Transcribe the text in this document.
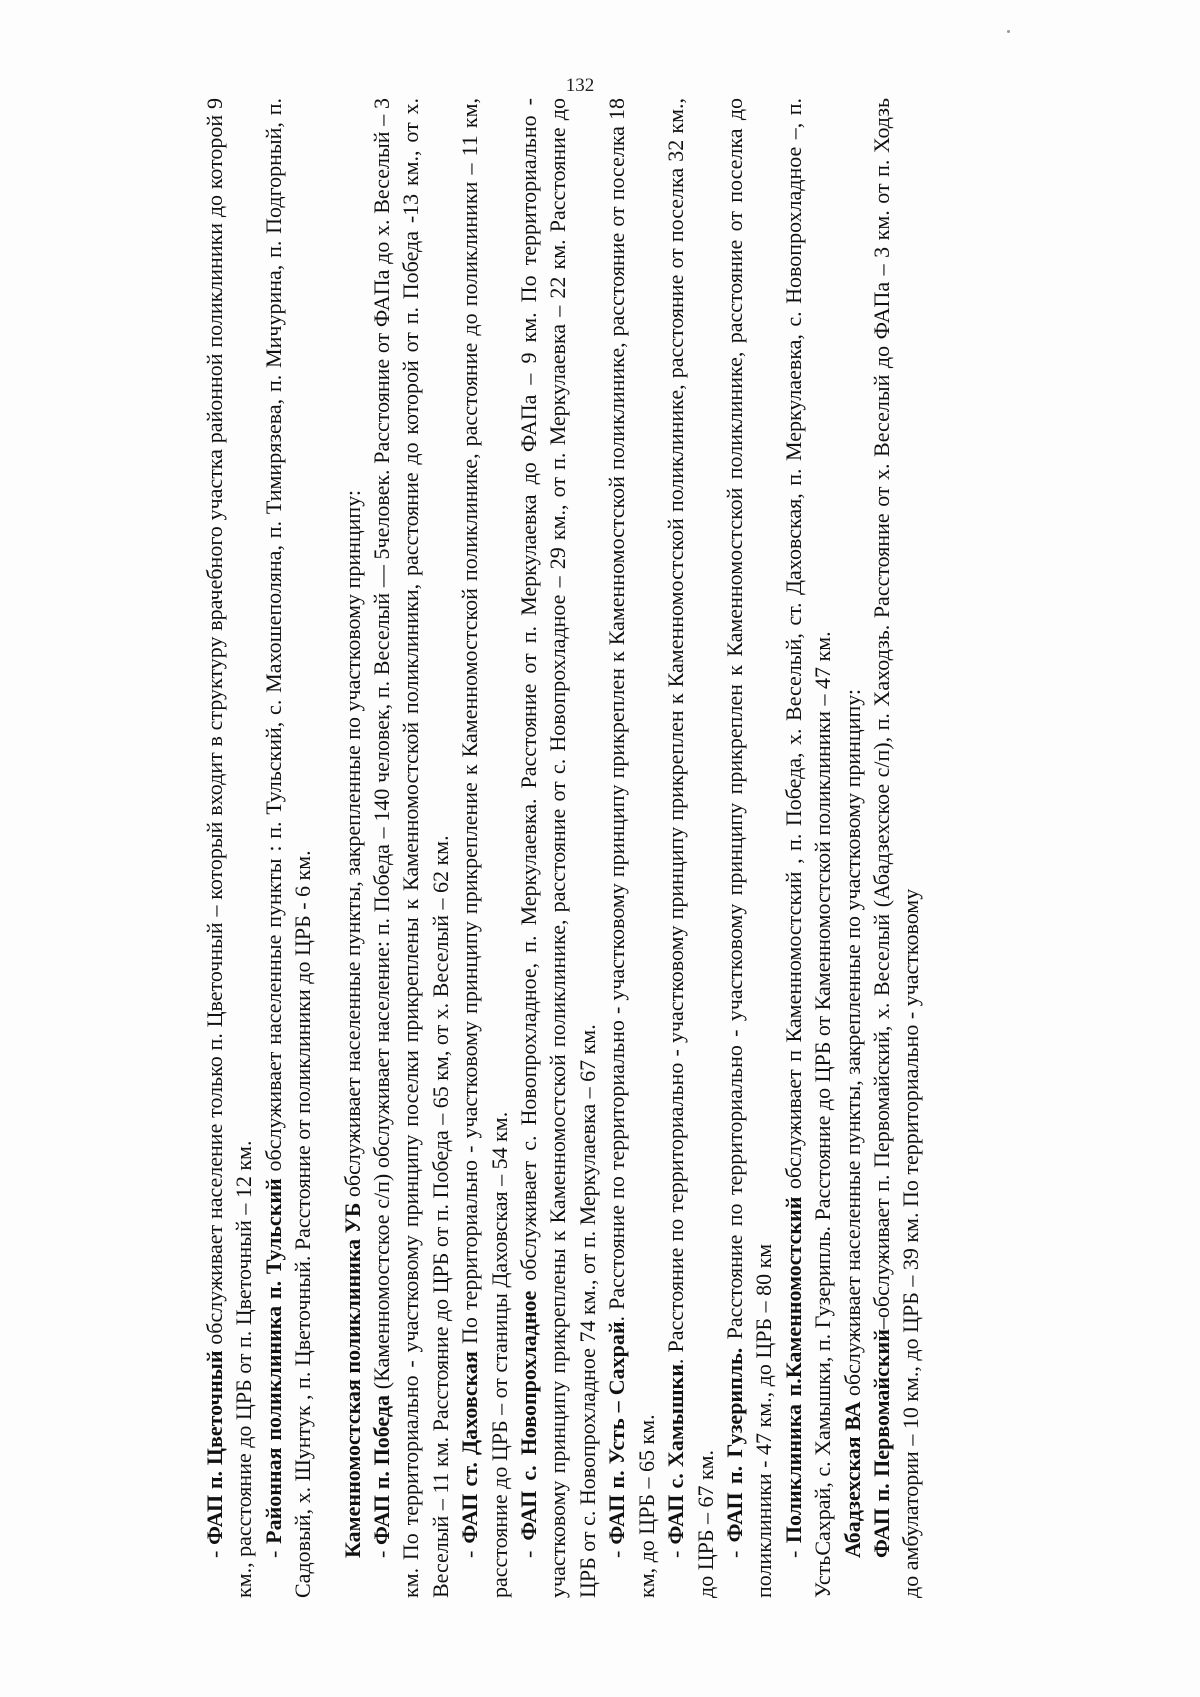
132

- ФАП п. Цветочный обслуживает население только п. Цветочный – который входит в структуру врачебного участка районной поликлиники до которой 9 км., расстояние до ЦРБ от п. Цветочный – 12 км. - Районная поликлиника п. Тульский обслуживает населенные пункты : п. Тульский, с. Махошеполяна, п. Тимирязева, п. Мичурина, п. Подгорный, п. Садовый, х. Шунтук , п. Цветочный. Расстояние от поликлиники до ЦРБ - 6 км. Каменномостская поликлиника УБ обслуживает населенные пункты, закрепленные по участковому принципу:

- ФАП п. Победа (Каменномостское с/п) обслуживает население: п. Победа – 140 человек, п. Веселый — 5человек. Расстояние от ФАПа до х. Веселый – 3 км. По территориально - участковому принципу поселки прикреплены к Каменномостской поликлиники, расстояние до которой от п. Победа -13 км., от х. Веселый – 11 км. Расстояние до ЦРБ от п. Победа – 65 км, от х. Веселый – 62 км. - ФАП ст. Даховская По территориально - участковому принципу прикрепление к Каменномостской поликлинике, расстояние до поликлиники – 11 км, расстояние до ЦРБ – от станицы Даховская – 54 км. - ФАП с. Новопрохладное обслуживает с. Новопрохладное, п. Меркулаевка. Расстояние от п. Меркулаевка до ФАПа – 9 км. По территориально - участковому принципу прикреплены к Каменномостской поликлинике, расстояние от с. Новопрохладное – 29 км., от п. Меркулаевка – 22 км. Расстояние до ЦРБ от с. Новопрохладное 74 км., от п. Меркулаевка – 67 км. - ФАП п. Усть – Сахрай. Расстояние по территориально - участковому принципу прикреплен к Каменномостской поликлинике, расстояние от поселка 18 км, до ЦРБ – 65 км. - ФАП с. Хамышки. Расстояние по территориально - участковому принципу прикреплен к Каменномостской поликлинике, расстояние от поселка 32 км., до ЦРБ – 67 км. - ФАП п. Гузерипль. Расстояние по территориально - участковому принципу прикреплен к Каменномостской поликлинике, расстояние от поселка до поликлиники - 47 км., до ЦРБ – 80 км - Поликлиника п.Каменномостский обслуживает п Каменномостский , п. Победа, х. Веселый, ст. Даховская, п. Меркулаевка, с. Новопрохладное –, п. УстьСахрай, с. Хамышки, п. Гузерипль. Расстояние до ЦРБ от Каменномостской поликлиники – 47 км. Абадзехская ВА обслуживает населенные пункты, закрепленные по участковому принципу:

ФАП п. Первомайский–обслуживает п. Первомайский, х. Веселый (Абадзехское с/п), п. Хаходзь. Расстояние от х. Веселый до ФАПа – 3 км. от п. Ходзь до амбулатории – 10 км., до ЦРБ – 39 км. По территориально - участковому
